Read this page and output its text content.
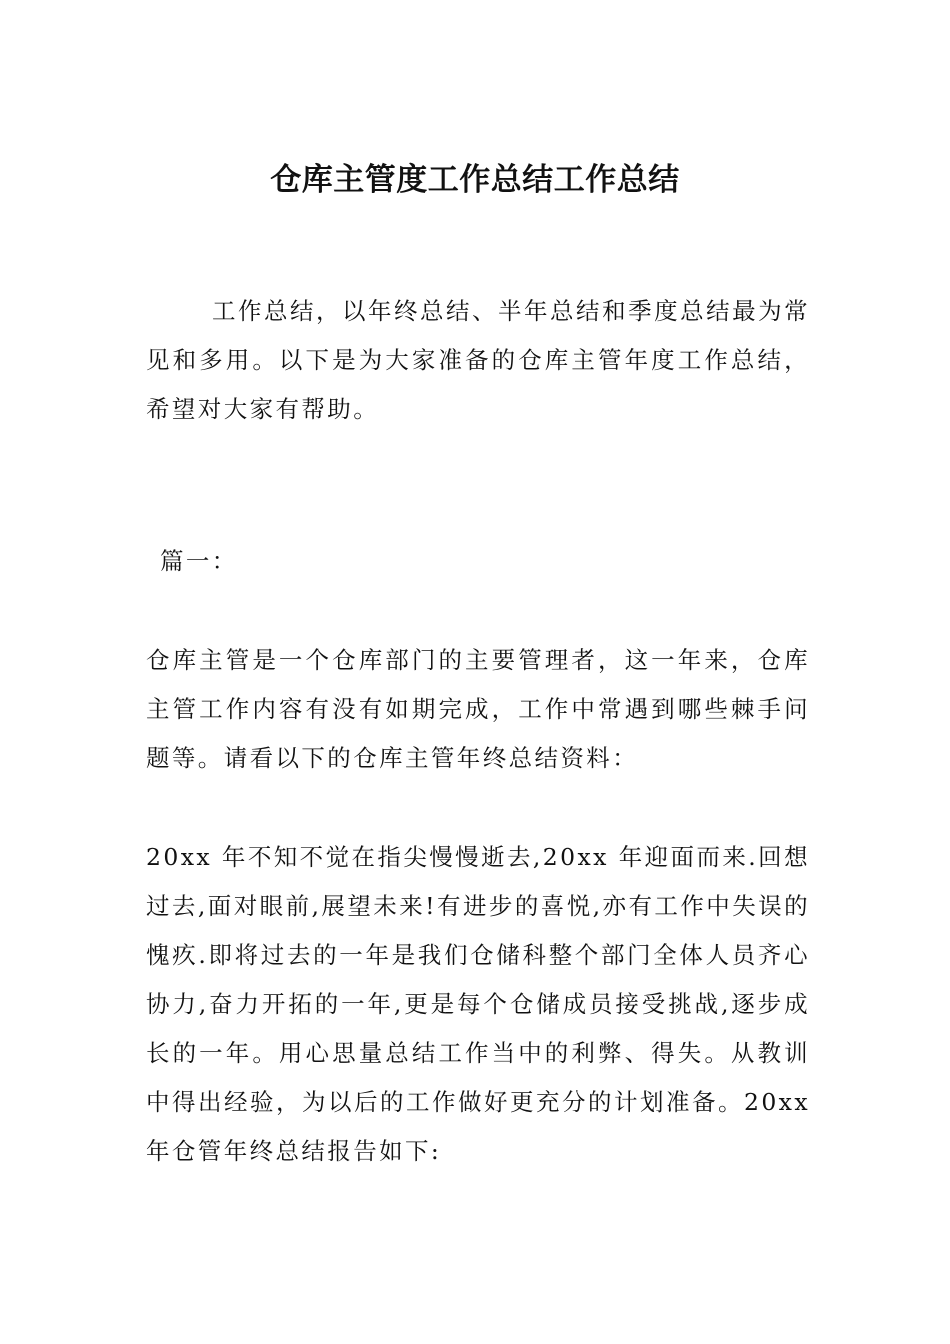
仓库主管度工作总结工作总结

工作总结，以年终总结、半年总结和季度总结最为常见和多用。以下是为大家准备的仓库主管年度工作总结，希望对大家有帮助。

篇一：

仓库主管是一个仓库部门的主要管理者，这一年来，仓库主管工作内容有没有如期完成，工作中常遇到哪些棘手问题等。请看以下的仓库主管年终总结资料：

20xx 年不知不觉在指尖慢慢逝去,20xx 年迎面而来.回想过去,面对眼前,展望未来!有进步的喜悦,亦有工作中失误的愧疚.即将过去的一年是我们仓储科整个部门全体人员齐心协力,奋力开拓的一年,更是每个仓储成员接受挑战,逐步成长的一年。用心思量总结工作当中的利弊、得失。从教训中得出经验，为以后的工作做好更充分的计划准备。20xx 年仓管年终总结报告如下:
